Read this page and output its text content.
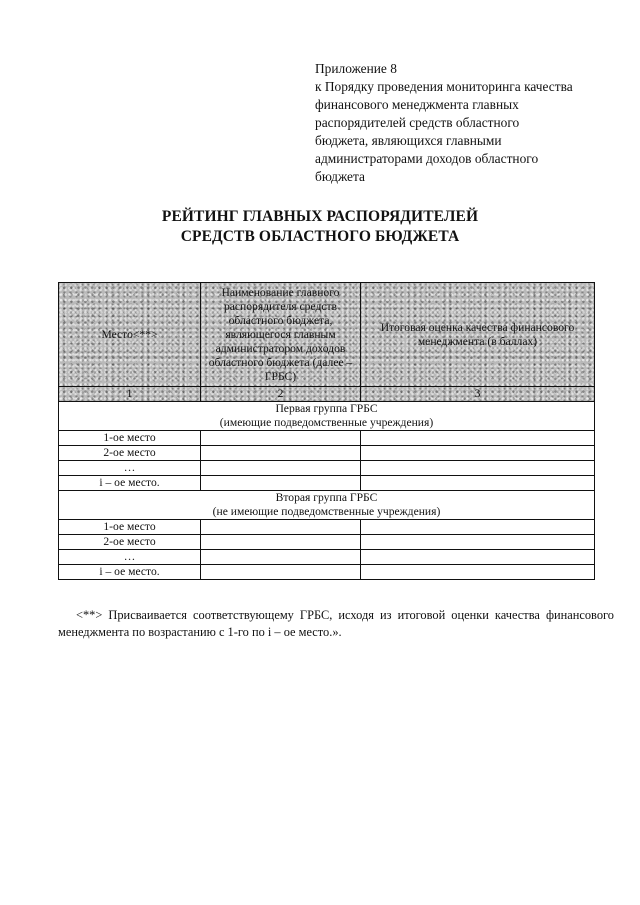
Приложение 8
к Порядку проведения мониторинга качества
финансового менеджмента главных
распорядителей средств областного
бюджета, являющихся главными
администраторами доходов областного
бюджета
РЕЙТИНГ ГЛАВНЫХ РАСПОРЯДИТЕЛЕЙ
СРЕДСТВ ОБЛАСТНОГО БЮДЖЕТА
Место<**>	Наименование главного распорядителя средств областного бюджета, являющегося главным администратором доходов областного бюджета (далее – ГРБС)	Итоговая оценка качества финансового менеджмента (в баллах)
1	2	3

Первая группа ГРБС
(имеющие подведомственные учреждения)		

1-ое место		
2-ое место		
…		
i – ое место.		

Вторая группа ГРБС
(не имеющие подведомственные учреждения)		

1-ое место		
2-ое место		
…		
i – ое место.		
<**> Присваивается соответствующему ГРБС, исходя из итоговой оценки качества финансового менеджмента по возрастанию с 1-го по i – ое место.».
